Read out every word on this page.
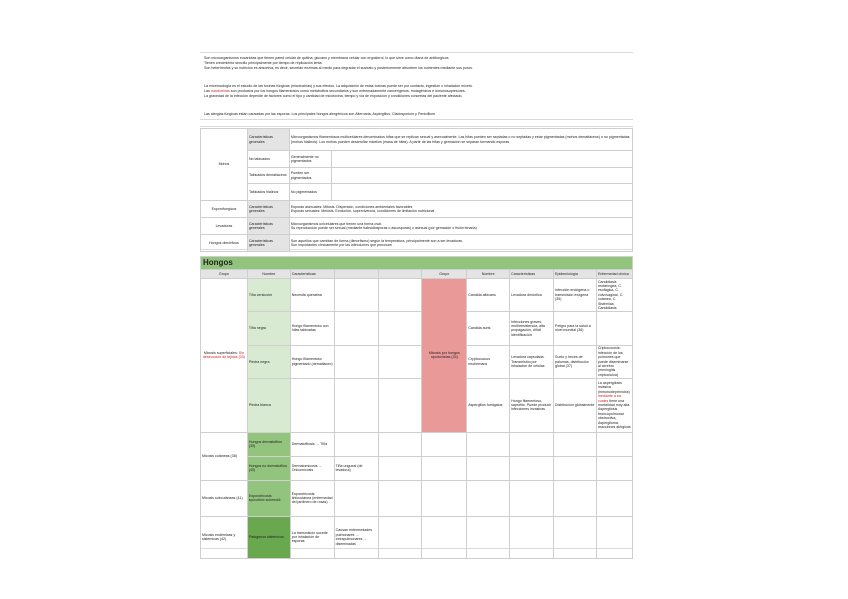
Son microorganismos eucariotas que tienen pared celular de quitina, glucano y membrana celular con ergosterol, lo que sirve como diana de antifungicos
Tienen crecimiento sencillo principalmente por tiempo de replicación lenta.
Son heterótrofos y su nutrición es absortiva, es decir, secretan enzimas al medio para degradar el sustrato y posteriormente absorben los nutrientes mediante sus poros.
La micetocología es el estudio de las toxinas fúngicas (micotoxinas) y sus efectos. La adquisición de estas toxinas puede ser por contacto, ingestión o inhalación miceto.
Las micotoxinas son productos por los hongos filamentosos como metabolitos secundarios y son extremadamente cancerígenos, mutagénicos e inmunosupresores.
La gravedad de la infección depende de factores como el tipo y cantidad de micotoxina, tiempo y vía de exposición y condiciones concretas del paciente afectado.
Las alergias fúngicas están causadas por las esporas. Los principales hongos alergénicos son Alternaria, Aspergillus, Cladosporium y Penicillium
Mohos	Características generales	Microorganismos filamentosos multicelulares denominados hifas que se replican sexual y asexualmente. Las hifas pueden ser septadas o no septadas y estar pigmentadas (mohos dematiáceos) o no pigmentadas (mohos hialinos). Los mohos pueden desarrollar micelios (masa de hifas). A partir de las hifas y germación se separan formando esporas.	
	No tabicados	Generalmente no pigmentados	
	Tabicados dematiáceos	Pueden ser pigmentados	
	Tabicados hialinos	No pigmentados	
Esporofungicos	Características generales	Esporas asexuales: Mitosis. Dispersión, condiciones ambientales favorables
Esporas sexuales: Meiosis. Evolución, supervivencia, condiciones de limitación nutricional	
Levaduras	Características generales	Microorganismos unicelulares que tienen una forma oval.
Su reproducción puede ser sexual (mediante tiabsidiosporas o ascosporas) o asexual (por gemación o fisión binaria)	
Hongos dimórficos	Características generales	Son aquellos que cambian de forma (dimorfismo) según la temperatura, principalmente son a ser levaduras.
Son importantes clínicamente por las infecciones que provocan	
Hongos									
Grupo	Nombre	Características			Grupo	Nombre	Características	Epidemiología	Enfermedad clínica
Micosis superficiales: Sin destrucción de tejidos (33)	Tiña versicolor	Necesita queratina			Micosis por hongos oportunistas (34)	Candida albicans	Levadura dimórfica	Infección endógena o transmisión exógena (35)	Candidiasis orofaríngea, C. esofágica, C. vulvovaginal, C. cutánea, C. Sistémica, Candidiasis
	Tiña negra	Hongo filamentoso con hifas tabicadas				Candida auris	Infecciones graves, multirresistencia, alta propagación, difícil identificación	Peligro para la salud a nivel mundial (36)	
	Piedra negra	Hongo filamentoso pigmentado (dematiáceo)				Cryptococcus neoformans	Levadura capsulada. Transmisión por inhalación de células	Suelo y heces de palomas, distribución global (37)	Criptococosis: infección de los pulmones que puede diseminarse al cerebro (meningitis criptocócica)
	Piedra blanca					Aspergillus fumigatus	Hongo filamentoso, saprófito. Puede producir infecciones invasivas	Distribución globalmente	La aspergilosis invasiva (inmunodeprimidos) mediante a los cuales tiene una mortalidad muy alta. Aspergilosis broncopulmonar obstructiva, Aspergiloma, reacciones alérgicas
Micosis cutáneas (38)	Hongos dermatofitos (39)	Dermatofitosis → Tiña							
	Hongos no dermatofitos (40)	Dermatomicosis → Onicomicosis	Tiña ungueal (de levadura)						
Micosis subcutáneas (41)	Esporotricosis: sporothrix schenckii	Esporotricosis: linfocutánea (enfermedad del jardinero de rosas)							
Micosis endémicas y sistémicas (42)	Patógenos sistémicos	La transmisión sucede por inhalación de esporas	Causan enfermedades pulmonares → extrapulmonares → diseminadas						
